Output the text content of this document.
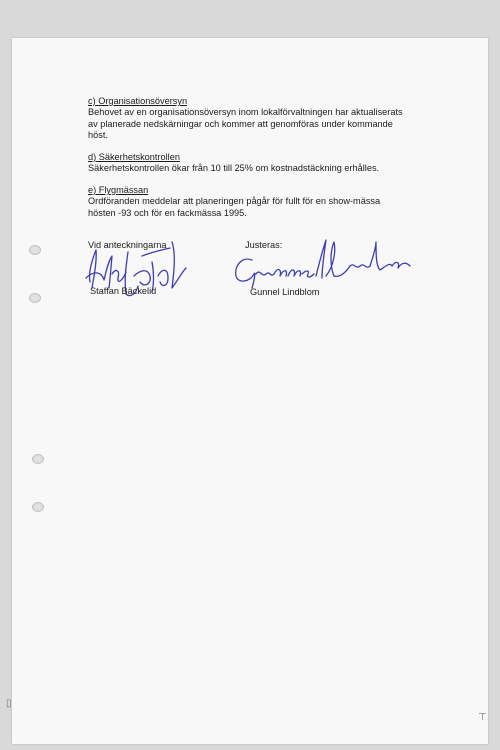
c) Organisationsöversyn
Behovet av en organisationsöversyn inom lokalförvaltningen har aktualiserats
av planerade nedskärningar och kommer att genomföras under kommande
höst.
d) Säkerhetskontrollen
Säkerhetskontrollen ökar från 10 till 25% om kostnadstäckning erhålles.
e) Flygmässan
Ordföranden meddelar att planeringen pågår för fullt för en show-mässa
hösten -93 och för en fackmässa 1995.
Vid anteckningarna	Justeras:
Staffan Bäckelid	Gunnel Lindblom
▯
⊤
